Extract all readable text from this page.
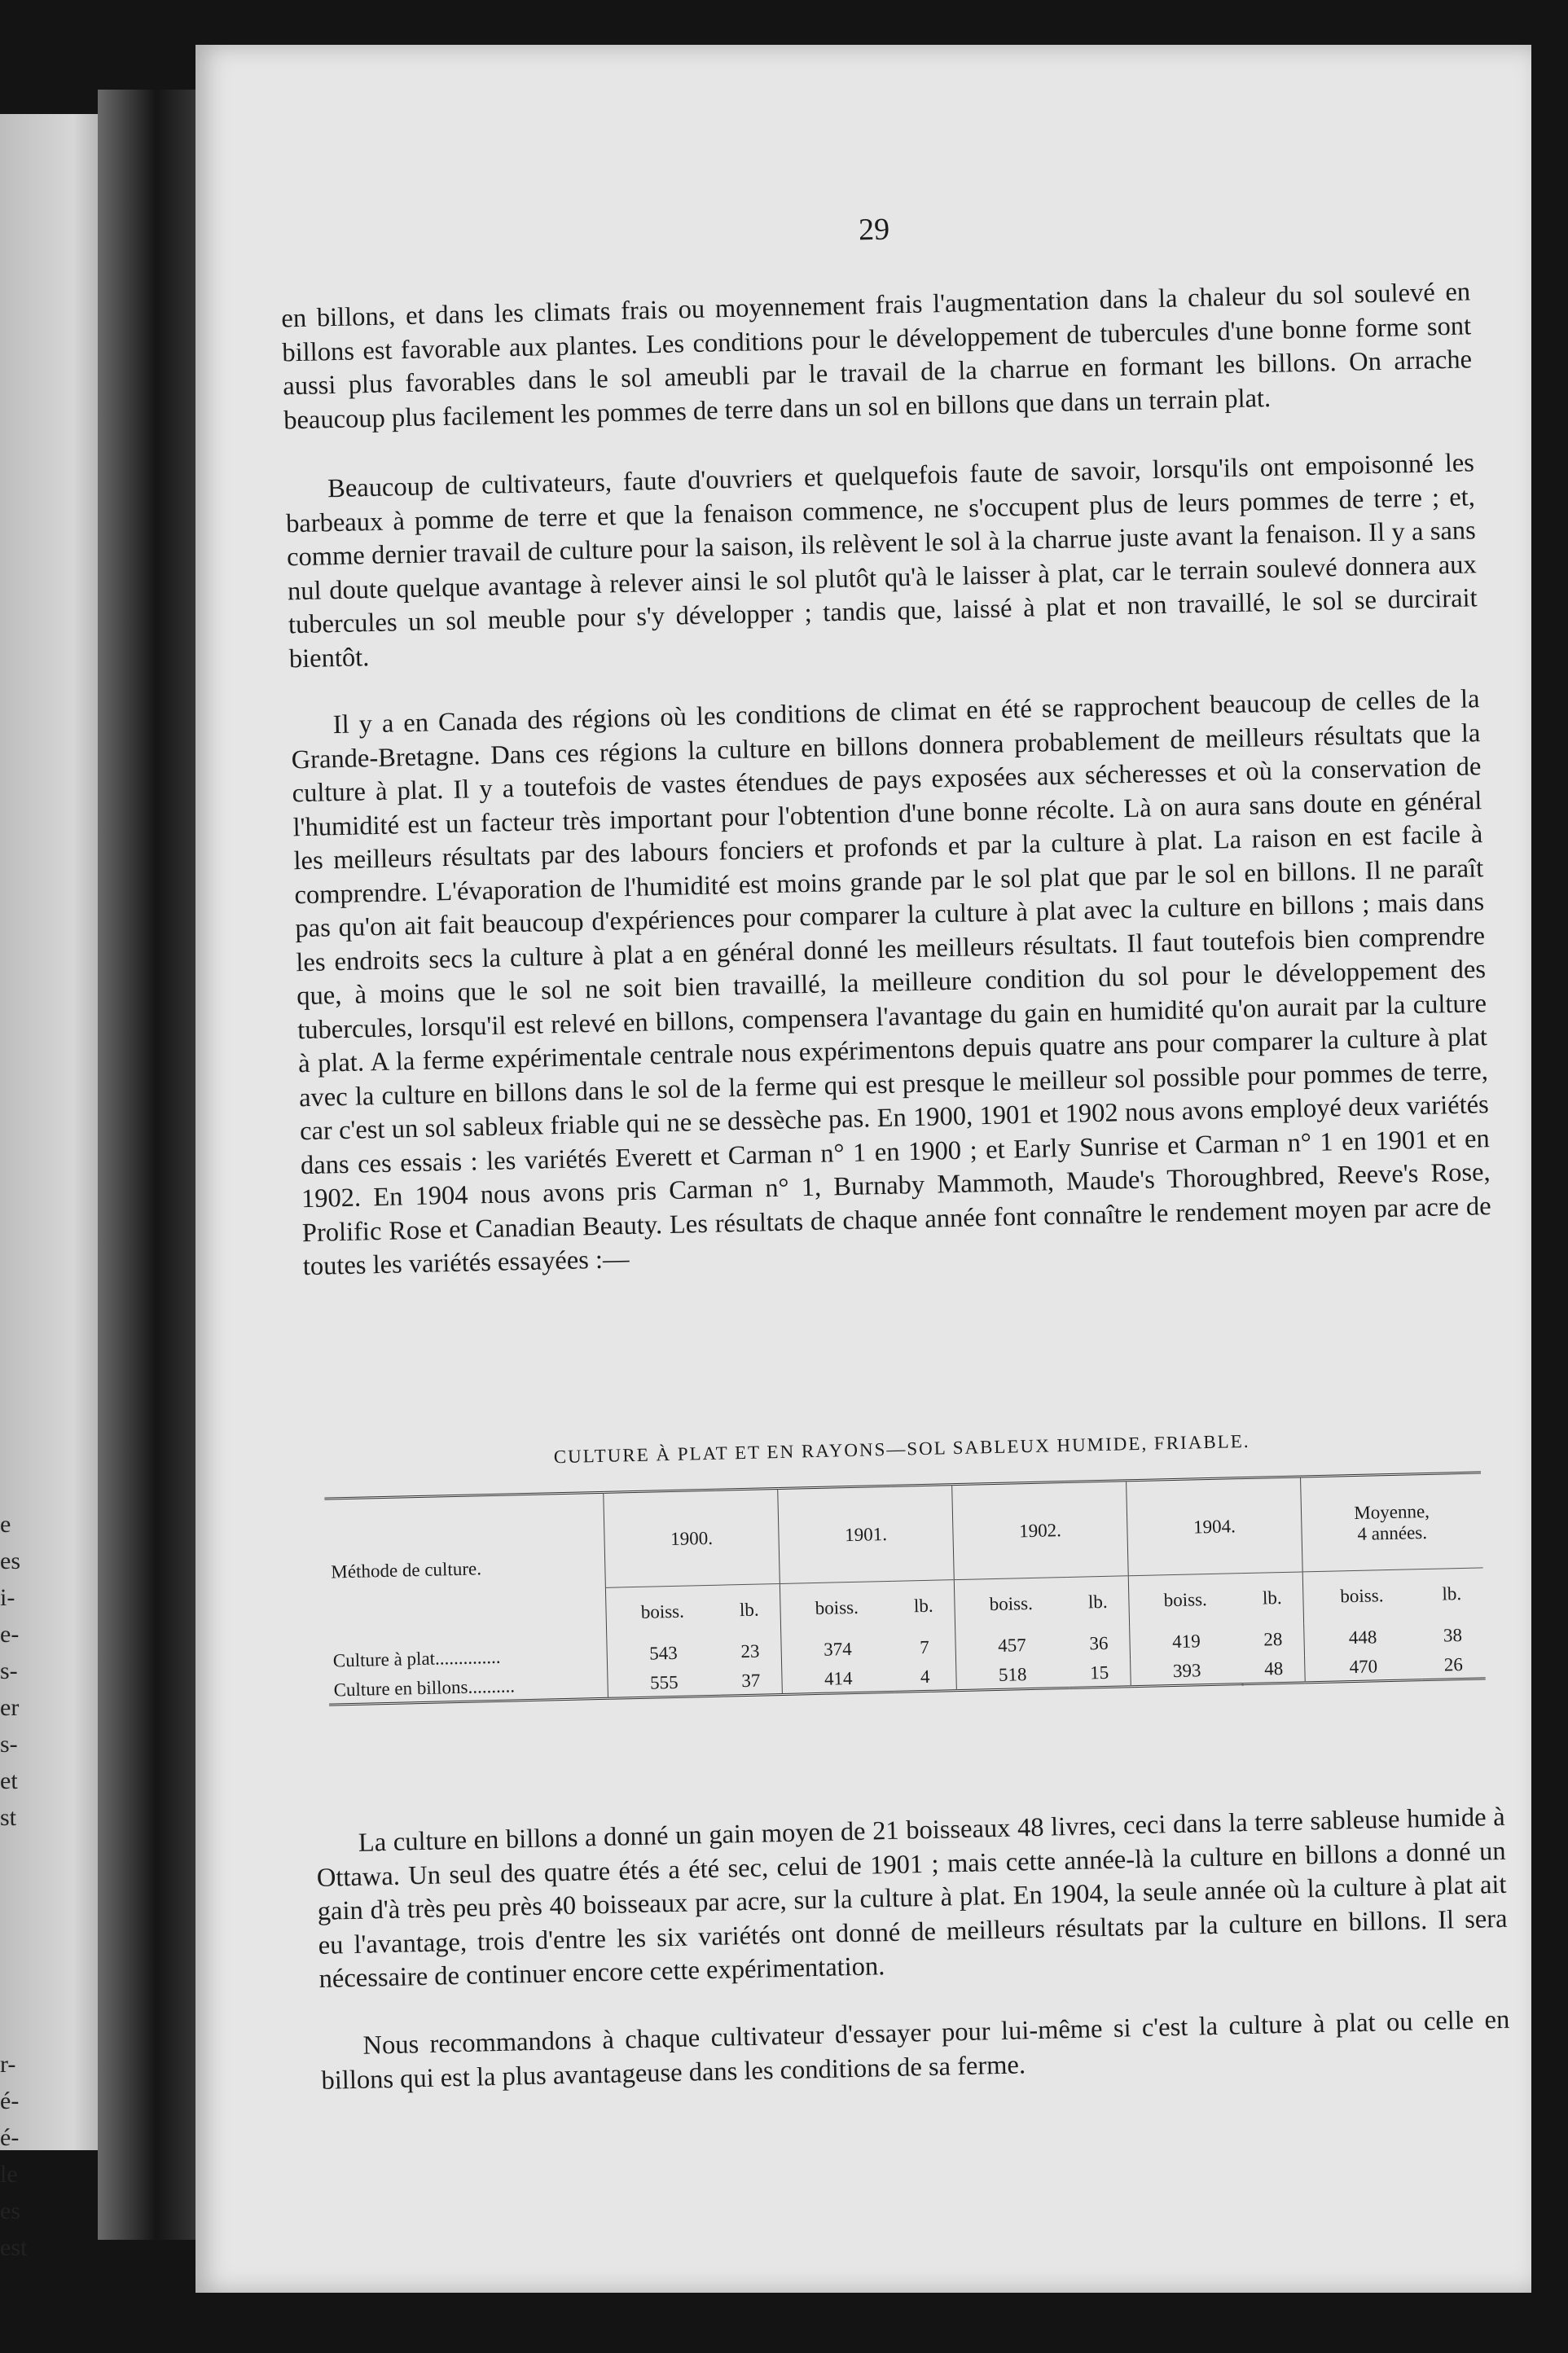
e
es
i-
e-
s-
er
s-
et
st
r-
é-
é-
le
es
est
29

en billons, et dans les climats frais ou moyennement frais l'augmentation dans la chaleur du sol soulevé en billons est favorable aux plantes. Les conditions pour le développement de tubercules d'une bonne forme sont aussi plus favorables dans le sol ameubli par le travail de la charrue en formant les billons. On arrache beaucoup plus facilement les pommes de terre dans un sol en billons que dans un terrain plat.

Beaucoup de cultivateurs, faute d'ouvriers et quelquefois faute de savoir, lorsqu'ils ont empoisonné les barbeaux à pomme de terre et que la fenaison commence, ne s'occupent plus de leurs pommes de terre ; et, comme dernier travail de culture pour la saison, ils relèvent le sol à la charrue juste avant la fenaison. Il y a sans nul doute quelque avantage à relever ainsi le sol plutôt qu'à le laisser à plat, car le terrain soulevé donnera aux tubercules un sol meuble pour s'y développer ; tandis que, laissé à plat et non travaillé, le sol se durcirait bientôt.

Il y a en Canada des régions où les conditions de climat en été se rapprochent beaucoup de celles de la Grande-Bretagne. Dans ces régions la culture en billons donnera probablement de meilleurs résultats que la culture à plat. Il y a toutefois de vastes étendues de pays exposées aux sécheresses et où la conservation de l'humidité est un facteur très important pour l'obtention d'une bonne récolte. Là on aura sans doute en général les meilleurs résultats par des labours fonciers et profonds et par la culture à plat. La raison en est facile à comprendre. L'évaporation de l'humidité est moins grande par le sol plat que par le sol en billons. Il ne paraît pas qu'on ait fait beaucoup d'expériences pour comparer la culture à plat avec la culture en billons ; mais dans les endroits secs la culture à plat a en général donné les meilleurs résultats. Il faut toutefois bien comprendre que, à moins que le sol ne soit bien travaillé, la meilleure condition du sol pour le développement des tubercules, lorsqu'il est relevé en billons, compensera l'avantage du gain en humidité qu'on aurait par la culture à plat. A la ferme expérimentale centrale nous expérimentons depuis quatre ans pour comparer la culture à plat avec la culture en billons dans le sol de la ferme qui est presque le meilleur sol possible pour pommes de terre, car c'est un sol sableux friable qui ne se dessèche pas. En 1900, 1901 et 1902 nous avons employé deux variétés dans ces essais : les variétés Everett et Carman n° 1 en 1900 ; et Early Sunrise et Carman n° 1 en 1901 et en 1902. En 1904 nous avons pris Carman n° 1, Burnaby Mammoth, Maude's Thoroughbred, Reeve's Rose, Prolific Rose et Canadian Beauty. Les résultats de chaque année font connaître le rendement moyen par acre de toutes les variétés essayées :—

CULTURE À PLAT ET EN RAYONS—SOL SABLEUX HUMIDE, FRIABLE.
Méthode de culture.	1900.		1901.		1902.		1904.		Moyenne,
4 années.	
	boiss.	lb.	boiss.	lb.	boiss.	lb.	boiss.	lb.	boiss.	lb.
Culture à plat..............	543	23	374	7	457	36	419	28	448	38
Culture en billons..........	555	37	414	4	518	15	393	48	470	26

La culture en billons a donné un gain moyen de 21 boisseaux 48 livres, ceci dans la terre sableuse humide à Ottawa. Un seul des quatre étés a été sec, celui de 1901 ; mais cette année-là la culture en billons a donné un gain d'à très peu près 40 boisseaux par acre, sur la culture à plat. En 1904, la seule année où la culture à plat ait eu l'avantage, trois d'entre les six variétés ont donné de meilleurs résultats par la culture en billons. Il sera nécessaire de continuer encore cette expérimentation.

Nous recommandons à chaque cultivateur d'essayer pour lui-même si c'est la culture à plat ou celle en billons qui est la plus avantageuse dans les conditions de sa ferme.
